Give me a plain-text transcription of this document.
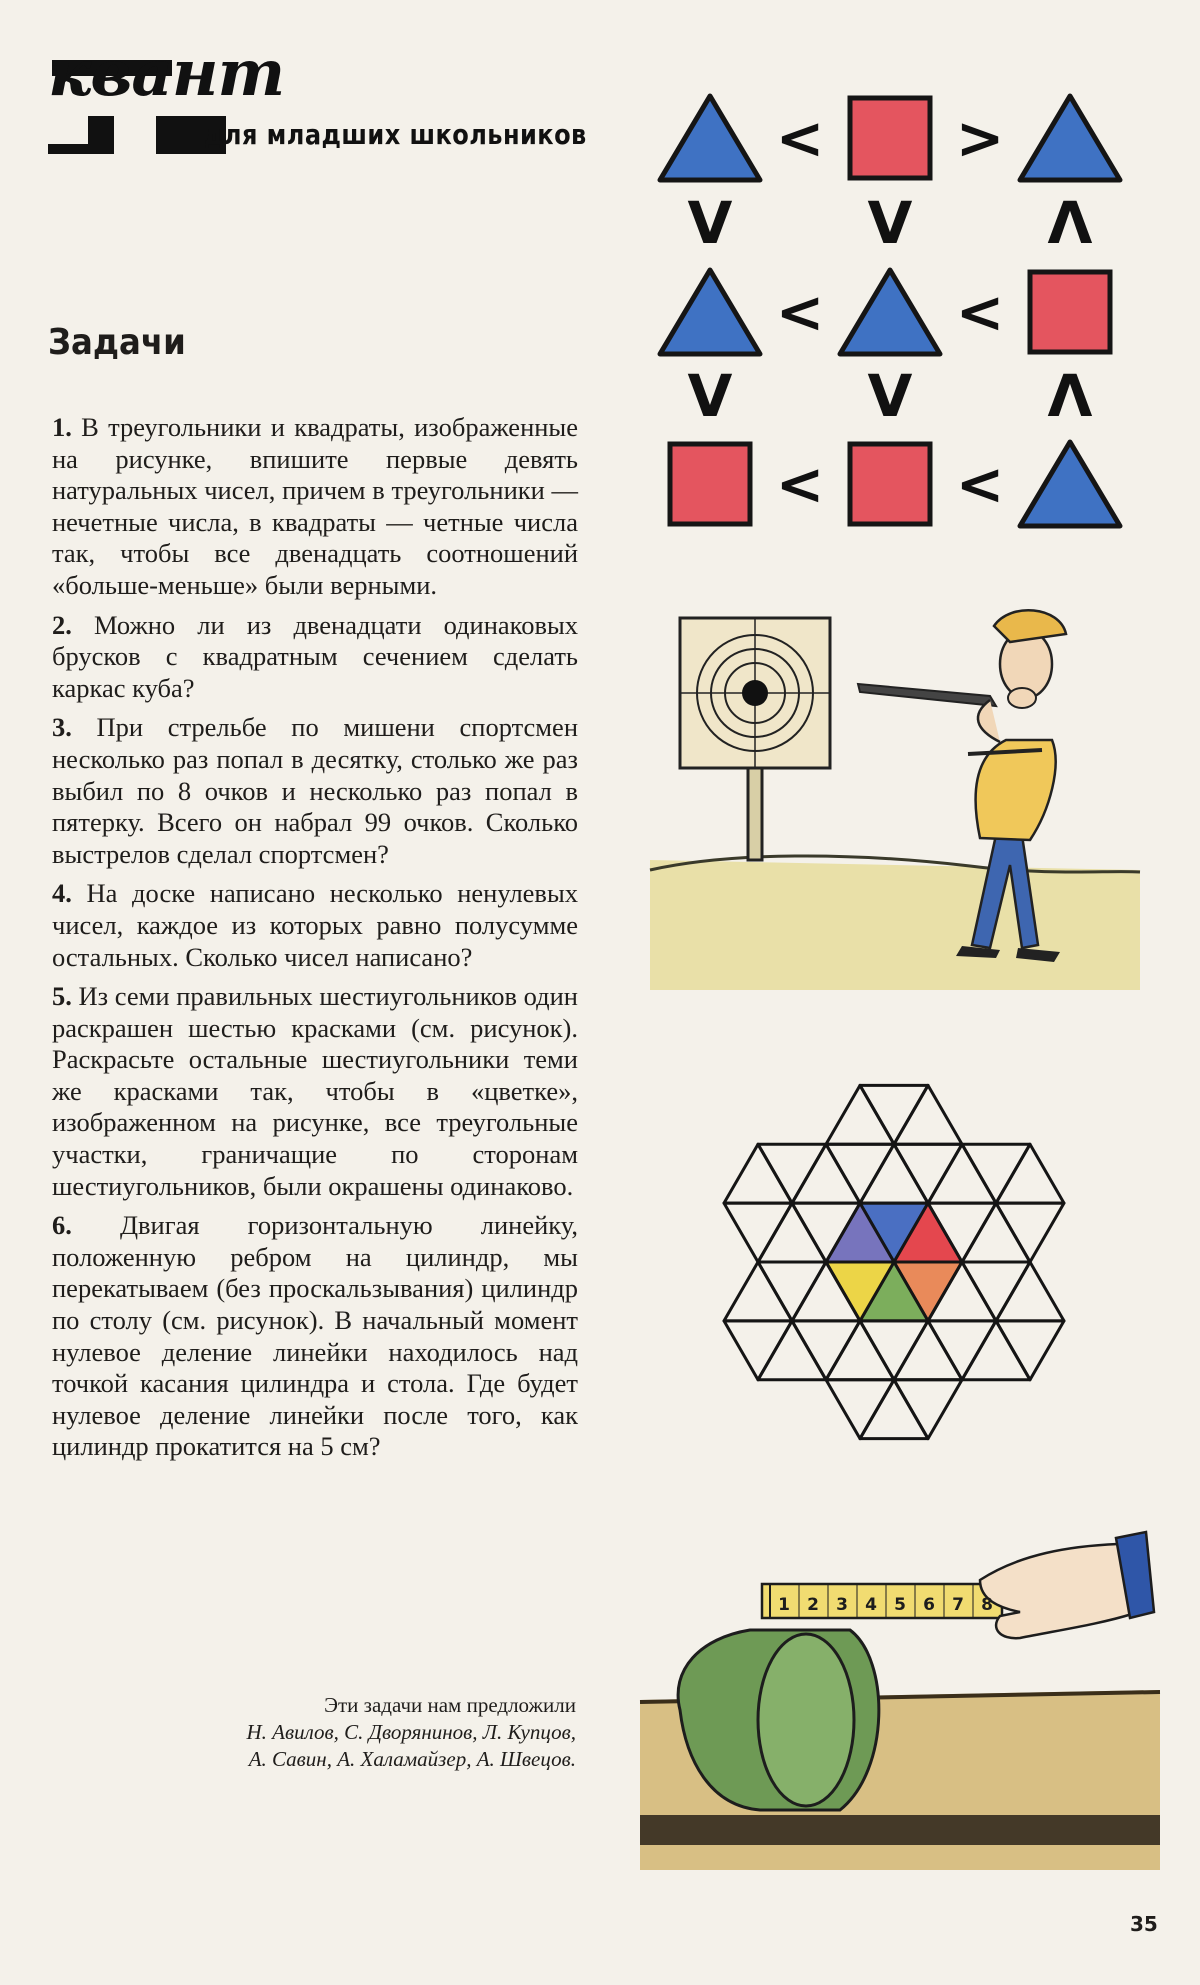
квант
для младших школьников
Задачи

1. В треугольники и квадраты, изображенные на рисунке, впишите первые девять натуральных чисел, причем в треугольники — нечетные числа, в квадраты — четные числа так, чтобы все двенадцать соотношений «больше-меньше» были верными.

2. Можно ли из двенадцати одинаковых брусков с квадратным сечением сделать каркас куба?

3. При стрельбе по мишени спортсмен несколько раз попал в десятку, столько же раз выбил по 8 очков и несколько раз попал в пятерку. Всего он набрал 99 очков. Сколько выстрелов сделал спортсмен?

4. На доске написано несколько ненулевых чисел, каждое из которых равно полусумме остальных. Сколько чисел написано?

5. Из семи правильных шестиугольников один раскрашен шестью красками (см. рисунок). Раскрасьте остальные шестиугольники теми же красками так, чтобы в «цветке», изображенном на рисунке, все треугольные участки, граничащие по сторонам шестиугольников, были окрашены одинаково.

6. Двигая горизонтальную линейку, положенную ребром на цилиндр, мы перекатываем (без проскальзывания) цилиндр по столу (см. рисунок). В начальный момент нулевое деление линейки находилось над точкой касания цилиндра и стола. Где будет нулевое деление линейки после того, как цилиндр прокатится на 5 см?

Эти задачи нам предложили
Н. Авилов, С. Дворянинов, Л. Купцов,
А. Савин, А. Халамайзер, А. Швецов.
35
< >
< <
< <
V V Λ
V V Λ
1 2 3 4 5 6 7 8
